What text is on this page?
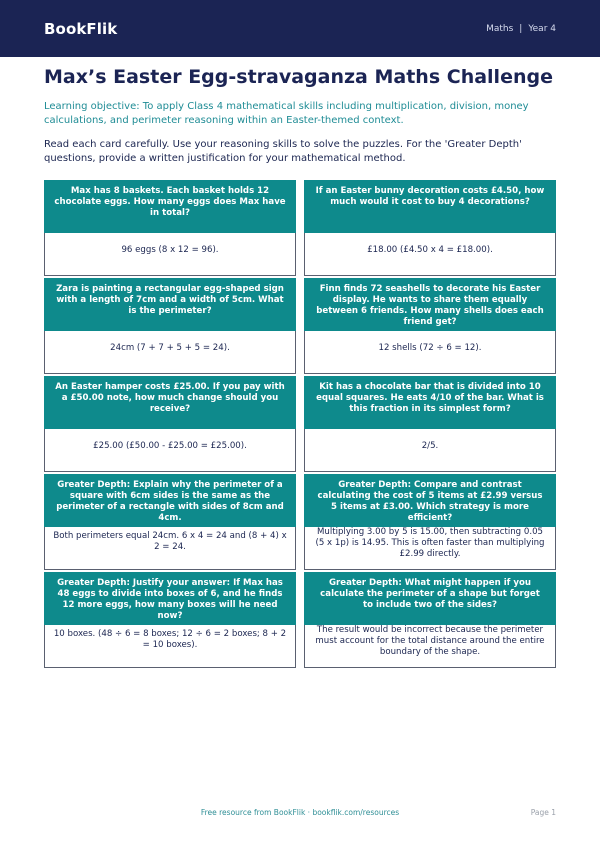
BookFlik	Maths | Year 4
Max’s Easter Egg-stravaganza Maths Challenge

Learning objective: To apply Class 4 mathematical skills including multiplication, division, money calculations, and perimeter reasoning within an Easter-themed context.

Read each card carefully. Use your reasoning skills to solve the puzzles. For the 'Greater Depth' questions, provide a written justification for your mathematical method.

Max has 8 baskets. Each basket holds 12 chocolate eggs. How many eggs does Max have in total?
96 eggs (8 x 12 = 96).
If an Easter bunny decoration costs £4.50, how much would it cost to buy 4 decorations?
£18.00 (£4.50 x 4 = £18.00).
Zara is painting a rectangular egg-shaped sign with a length of 7cm and a width of 5cm. What is the perimeter?
24cm (7 + 7 + 5 + 5 = 24).
Finn finds 72 seashells to decorate his Easter display. He wants to share them equally between 6 friends. How many shells does each friend get?
12 shells (72 ÷ 6 = 12).
An Easter hamper costs £25.00. If you pay with a £50.00 note, how much change should you receive?
£25.00 (£50.00 - £25.00 = £25.00).
Kit has a chocolate bar that is divided into 10 equal squares. He eats 4/10 of the bar. What is this fraction in its simplest form?
2/5.
Greater Depth: Explain why the perimeter of a square with 6cm sides is the same as the perimeter of a rectangle with sides of 8cm and 4cm.
Both perimeters equal 24cm. 6 x 4 = 24 and (8 + 4) x 2 = 24.
Greater Depth: Compare and contrast calculating the cost of 5 items at £2.99 versus 5 items at £3.00. Which strategy is more efficient?
Multiplying 3.00 by 5 is 15.00, then subtracting 0.05 (5 x 1p) is 14.95. This is often faster than multiplying £2.99 directly.
Greater Depth: Justify your answer: If Max has 48 eggs to divide into boxes of 6, and he finds 12 more eggs, how many boxes will he need now?
10 boxes. (48 ÷ 6 = 8 boxes; 12 ÷ 6 = 2 boxes; 8 + 2 = 10 boxes).
Greater Depth: What might happen if you calculate the perimeter of a shape but forget to include two of the sides?
The result would be incorrect because the perimeter must account for the total distance around the entire boundary of the shape.
Free resource from BookFlik · bookflik.com/resources	Page 1
